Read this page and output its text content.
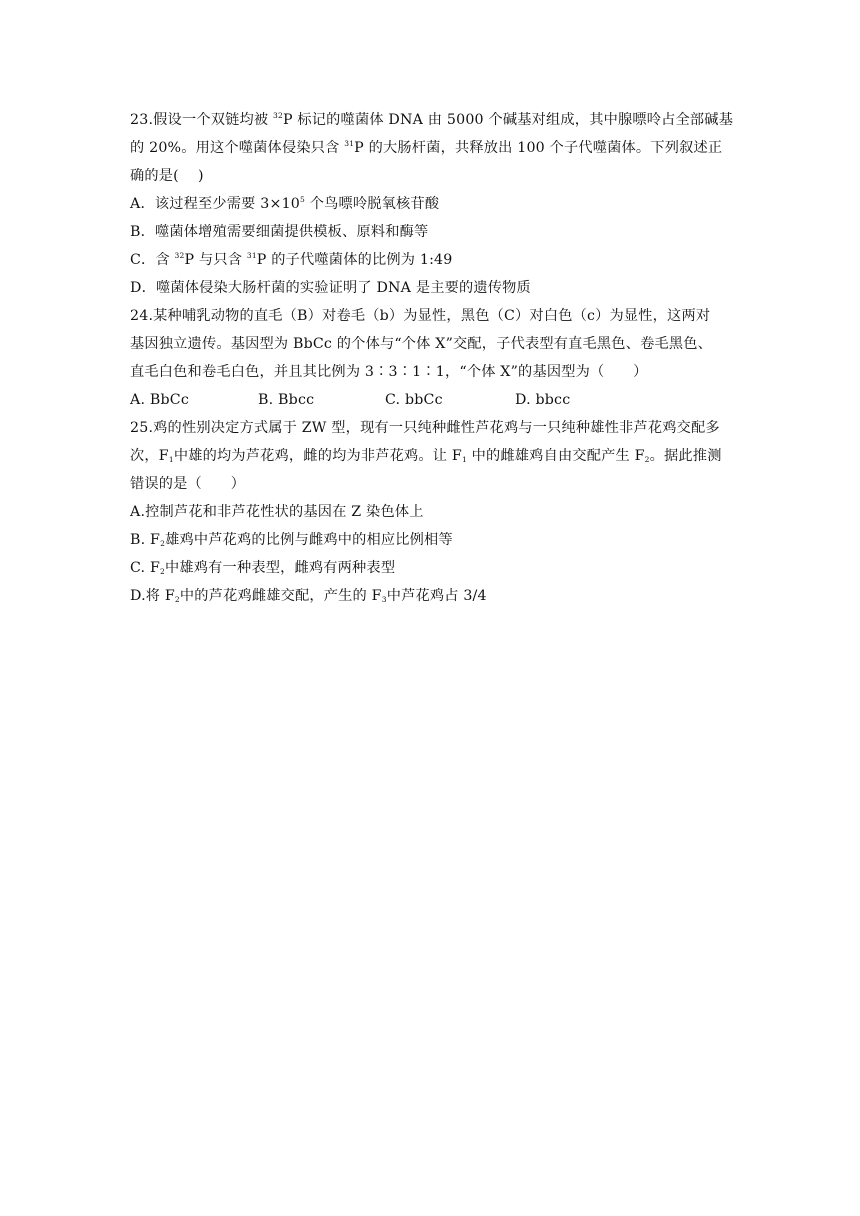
23.假设一个双链均被 $^{32}$P 标记的噬菌体 DNA 由 5000 个碱基对组成，其中腺嘌呤占全部碱基
的 20%。用这个噬菌体侵染只含 $^{31}$P 的大肠杆菌，共释放出 100 个子代噬菌体。下列叙述正
确的是(　 )
A．该过程至少需要 $3\times 10^5$ 个鸟嘌呤脱氧核苷酸
B．噬菌体增殖需要细菌提供模板、原料和酶等
C．含 $^{32}$P 与只含 $^{31}$P 的子代噬菌体的比例为 1:49
D．噬菌体侵染大肠杆菌的实验证明了 DNA 是主要的遗传物质
24.某种哺乳动物的直毛（B）对卷毛（b）为显性，黑色（C）对白色（c）为显性，这两对
基因独立遗传。基因型为 BbCc 的个体与“个体 X”交配，子代表型有直毛黑色、卷毛黑色、
直毛白色和卷毛白色，并且其比例为 3∶3∶1∶1，“个体 X”的基因型为（　　）
A. BbCc	B. Bbcc	C. bbCc	D. bbcc
25.鸡的性别决定方式属于 ZW 型，现有一只纯种雌性芦花鸡与一只纯种雄性非芦花鸡交配多
次，$F_1$中雄的均为芦花鸡，雌的均为非芦花鸡。让 $F_1$ 中的雌雄鸡自由交配产生 $F_2$。据此推测
错误的是（　　）
A.控制芦花和非芦花性状的基因在 Z 染色体上
B. $F_2$雄鸡中芦花鸡的比例与雌鸡中的相应比例相等
C. $F_2$中雄鸡有一种表型，雌鸡有两种表型
D.将 $F_2$中的芦花鸡雌雄交配，产生的 $F_3$中芦花鸡占 3/4
